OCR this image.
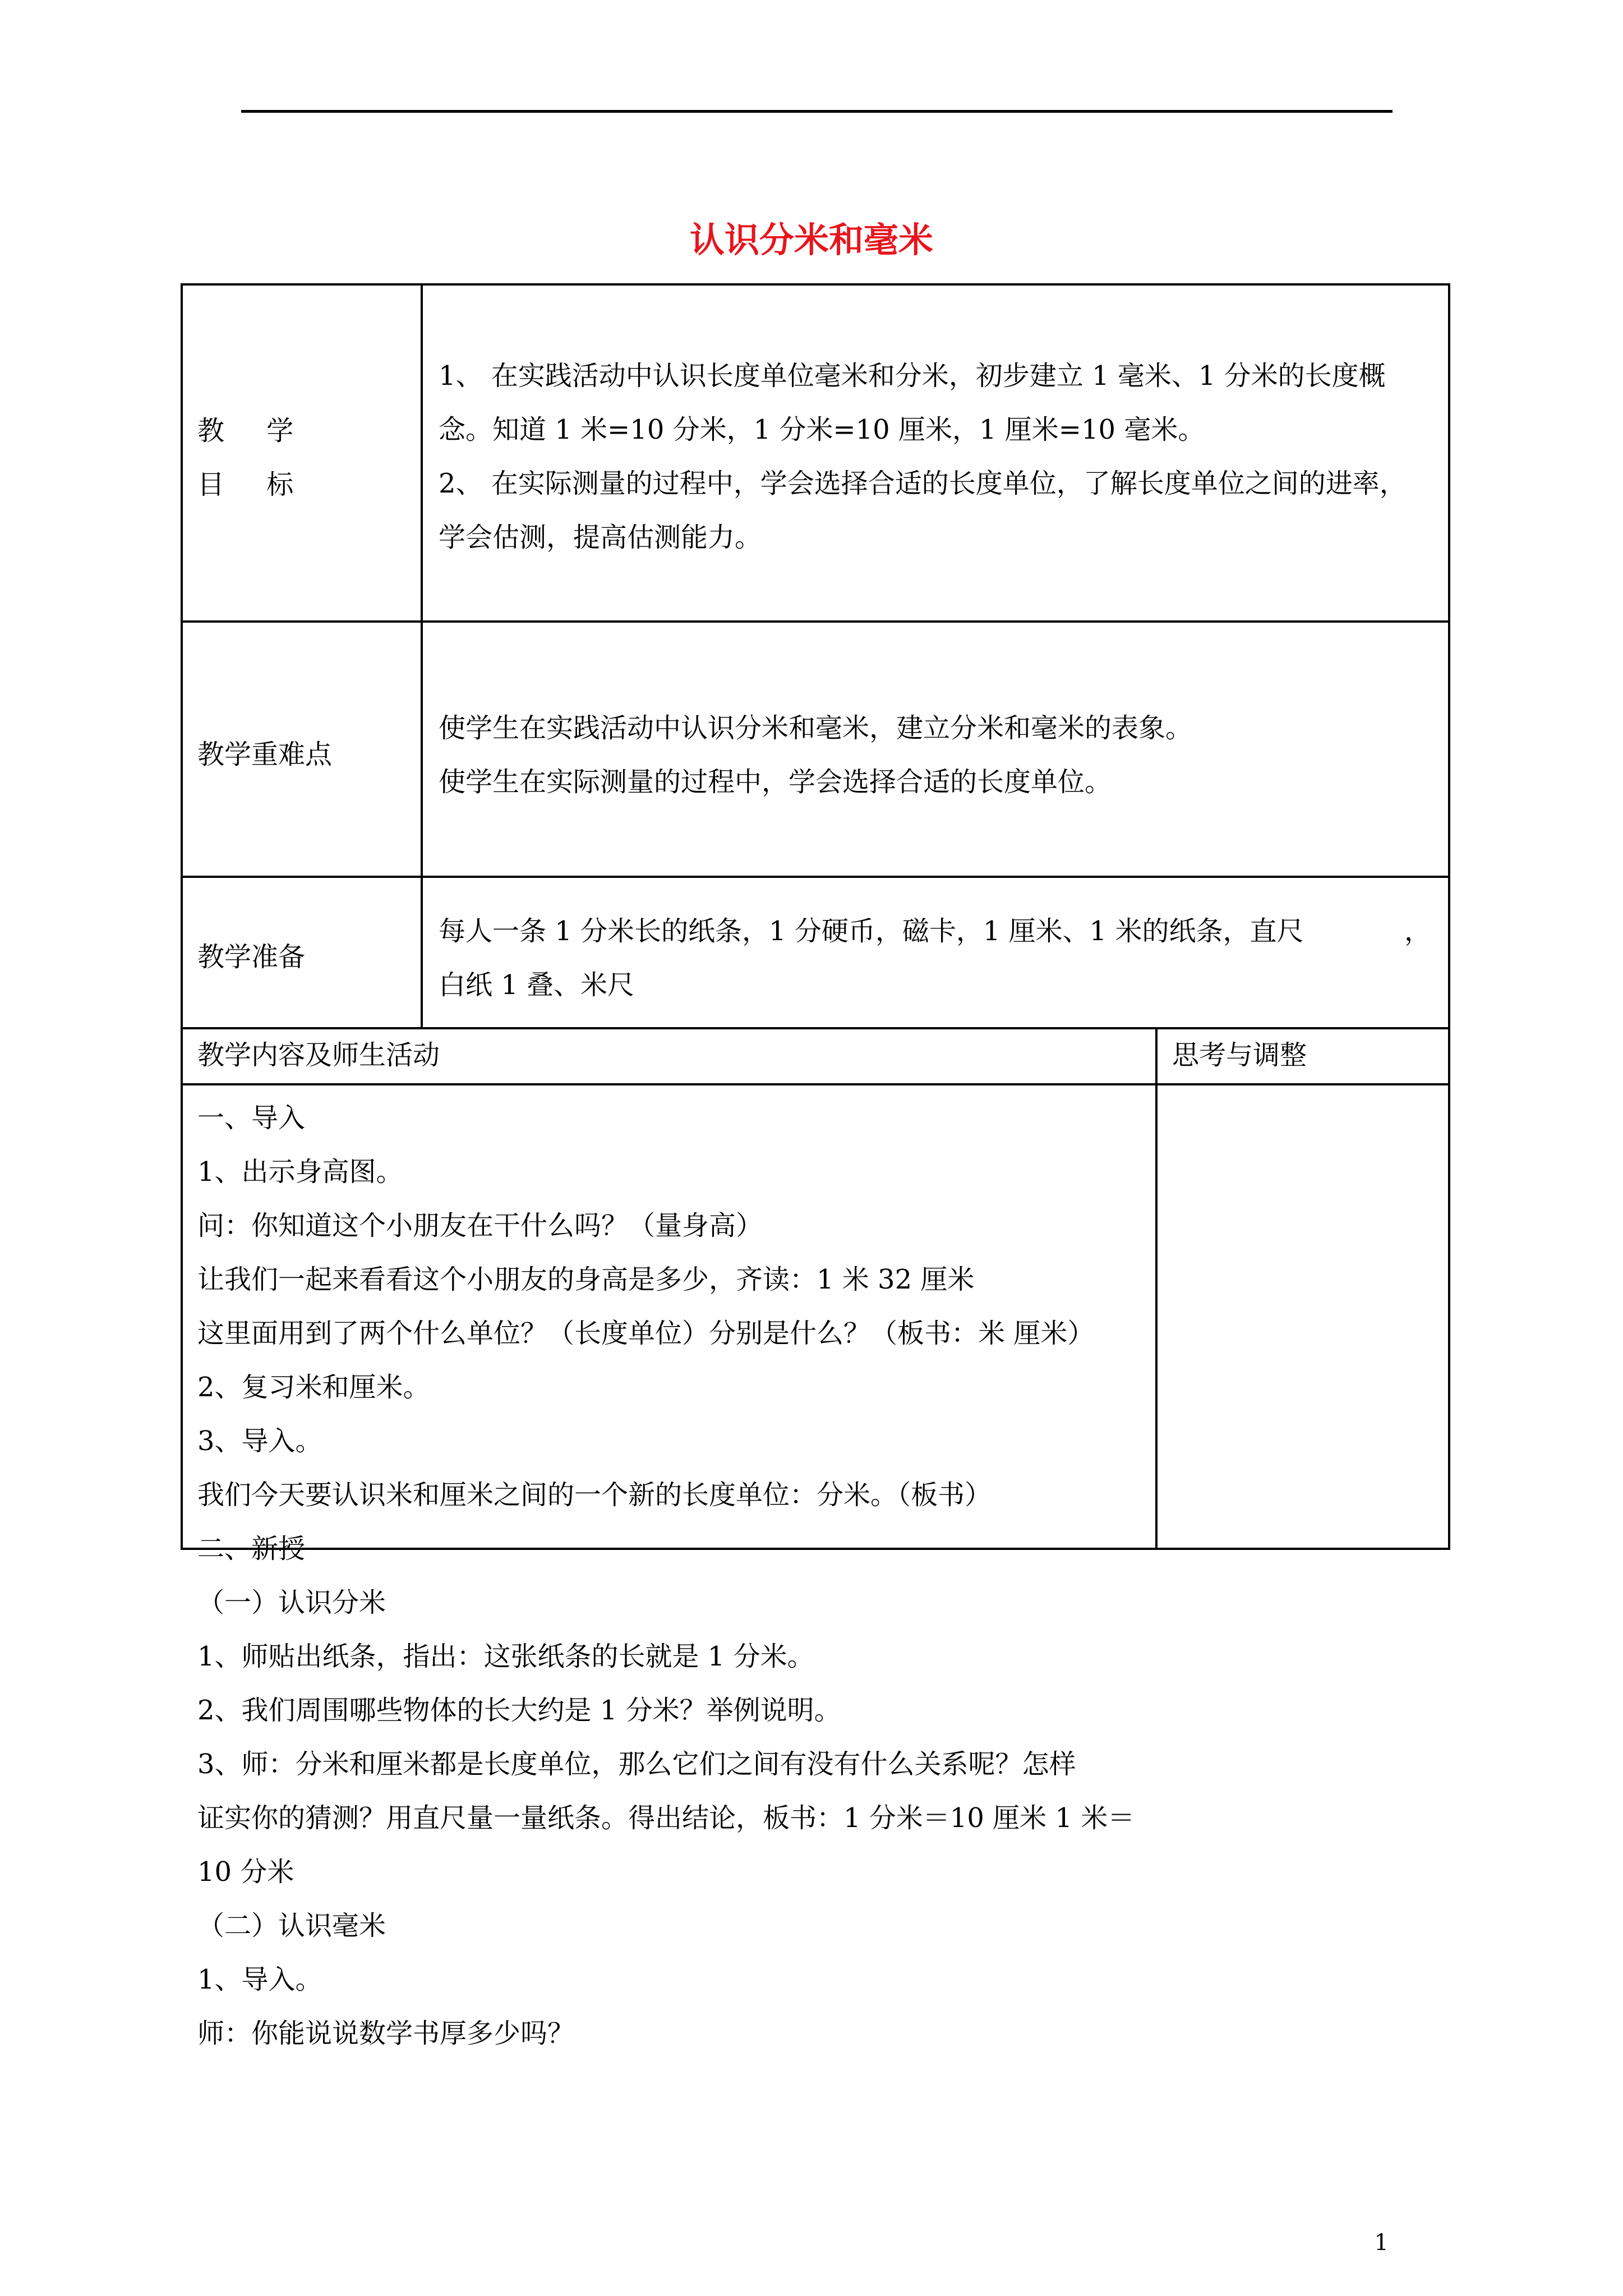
认识分米和毫米
教 学
目 标
1、 在实践活动中认识长度单位毫米和分米，初步建立 1 毫米、1 分米的长度概
念。知道 1 米=10 分米，1 分米=10 厘米，1 厘米=10 毫米。
2、 在实际测量的过程中，学会选择合适的长度单位，了解长度单位之间的进率，
学会估测，提高估测能力。
教学重难点
使学生在实践活动中认识分米和毫米，建立分米和毫米的表象。
使学生在实际测量的过程中，学会选择合适的长度单位。
教学准备
每人一条 1 分米长的纸条，1 分硬币，磁卡，1 厘米、1 米的纸条，直尺	，
白纸 1 叠、米尺
教学内容及师生活动	思考与调整
一、导入
1、出示身高图。
问：你知道这个小朋友在干什么吗？（量身高）
让我们一起来看看这个小朋友的身高是多少，齐读：1 米 32 厘米
这里面用到了两个什么单位？（长度单位）分别是什么？（板书：米 厘米）
2、复习米和厘米。
3、导入。
我们今天要认识米和厘米之间的一个新的长度单位：分米。（板书）
二、新授
（一）认识分米
1、师贴出纸条，指出：这张纸条的长就是 1 分米。
2、我们周围哪些物体的长大约是 1 分米？举例说明。
3、师：分米和厘米都是长度单位，那么它们之间有没有什么关系呢？怎样
证实你的猜测？用直尺量一量纸条。得出结论，板书：1 分米＝10 厘米 1 米＝
10 分米
（二）认识毫米
1、导入。
师：你能说说数学书厚多少吗？
1
